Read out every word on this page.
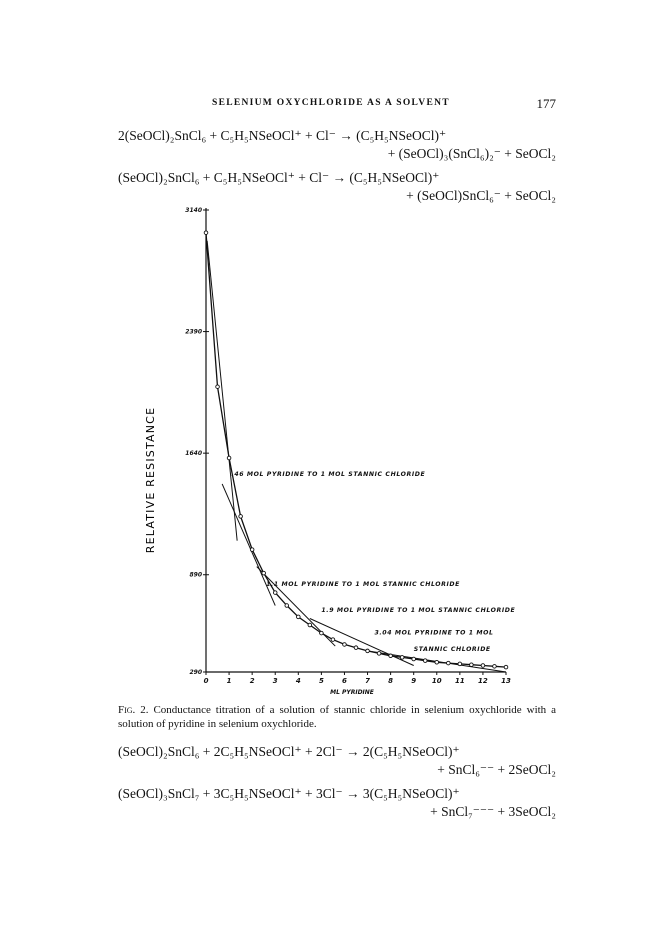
SELENIUM OXYCHLORIDE AS A SOLVENT	177
2(SeOCl)₂SnCl₆ + C₅H₅NSeOCl⁺ + Cl⁻ → (C₅H₅NSeOCl)⁺
+ (SeOCl)₃(SnCl₆)₂⁻ + SeOCl₂
(SeOCl)₂SnCl₆ + C₅H₅NSeOCl⁺ + Cl⁻ → (C₅H₅NSeOCl)⁺
+ (SeOCl)SnCl₆⁻ + SeOCl₂
290
890
1640
2390
3140
0	1	2	3	4	5	6	7	8	9 10 11 12 13
.46 MOL PYRIDINE TO 1 MOL STANNIC CHLORIDE
1.1 MOL PYRIDINE TO 1 MOL STANNIC CHLORIDE
1.9 MOL PYRIDINE TO 1 MOL STANNIC CHLORIDE
3.04 MOL PYRIDINE TO 1 MOL
STANNIC CHLORIDE
RELATIVE RESISTANCE
ML PYRIDINE
Fig. 2. Conductance titration of a solution of stannic chloride in selenium oxychloride with a solution of pyridine in selenium oxychloride.
(SeOCl)₂SnCl₆ + 2C₅H₅NSeOCl⁺ + 2Cl⁻ → 2(C₅H₅NSeOCl)⁺
+ SnCl₆⁻⁻ + 2SeOCl₂
(SeOCl)₃SnCl₇ + 3C₅H₅NSeOCl⁺ + 3Cl⁻ → 3(C₅H₅NSeOCl)⁺
+ SnCl₇⁻⁻⁻ + 3SeOCl₂
